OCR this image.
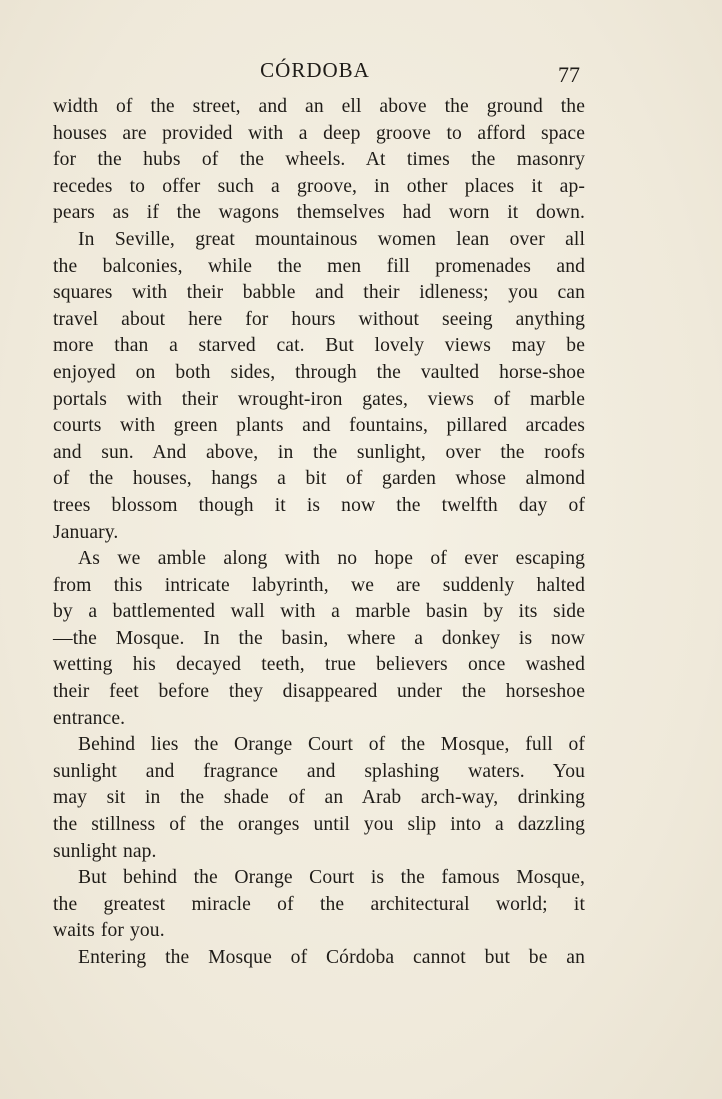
CÓRDOBA	77

width of the street, and an ell above the ground the

houses are provided with a deep groove to afford space

for the hubs of the wheels. At times the masonry

recedes to offer such a groove, in other places it ap-

pears as if the wagons themselves had worn it down.

In Seville, great mountainous women lean over all

the balconies, while the men fill promenades and

squares with their babble and their idleness; you can

travel about here for hours without seeing anything

more than a starved cat. But lovely views may be

enjoyed on both sides, through the vaulted horse-shoe

portals with their wrought-iron gates, views of marble

courts with green plants and fountains, pillared arcades

and sun. And above, in the sunlight, over the roofs

of the houses, hangs a bit of garden whose almond

trees blossom though it is now the twelfth day of

January.

As we amble along with no hope of ever escaping

from this intricate labyrinth, we are suddenly halted

by a battlemented wall with a marble basin by its side

—the Mosque. In the basin, where a donkey is now

wetting his decayed teeth, true believers once washed

their feet before they disappeared under the horseshoe

entrance.

Behind lies the Orange Court of the Mosque, full of

sunlight and fragrance and splashing waters. You

may sit in the shade of an Arab arch-way, drinking

the stillness of the oranges until you slip into a dazzling

sunlight nap.

But behind the Orange Court is the famous Mosque,

the greatest miracle of the architectural world; it

waits for you.

Entering the Mosque of Córdoba cannot but be an
